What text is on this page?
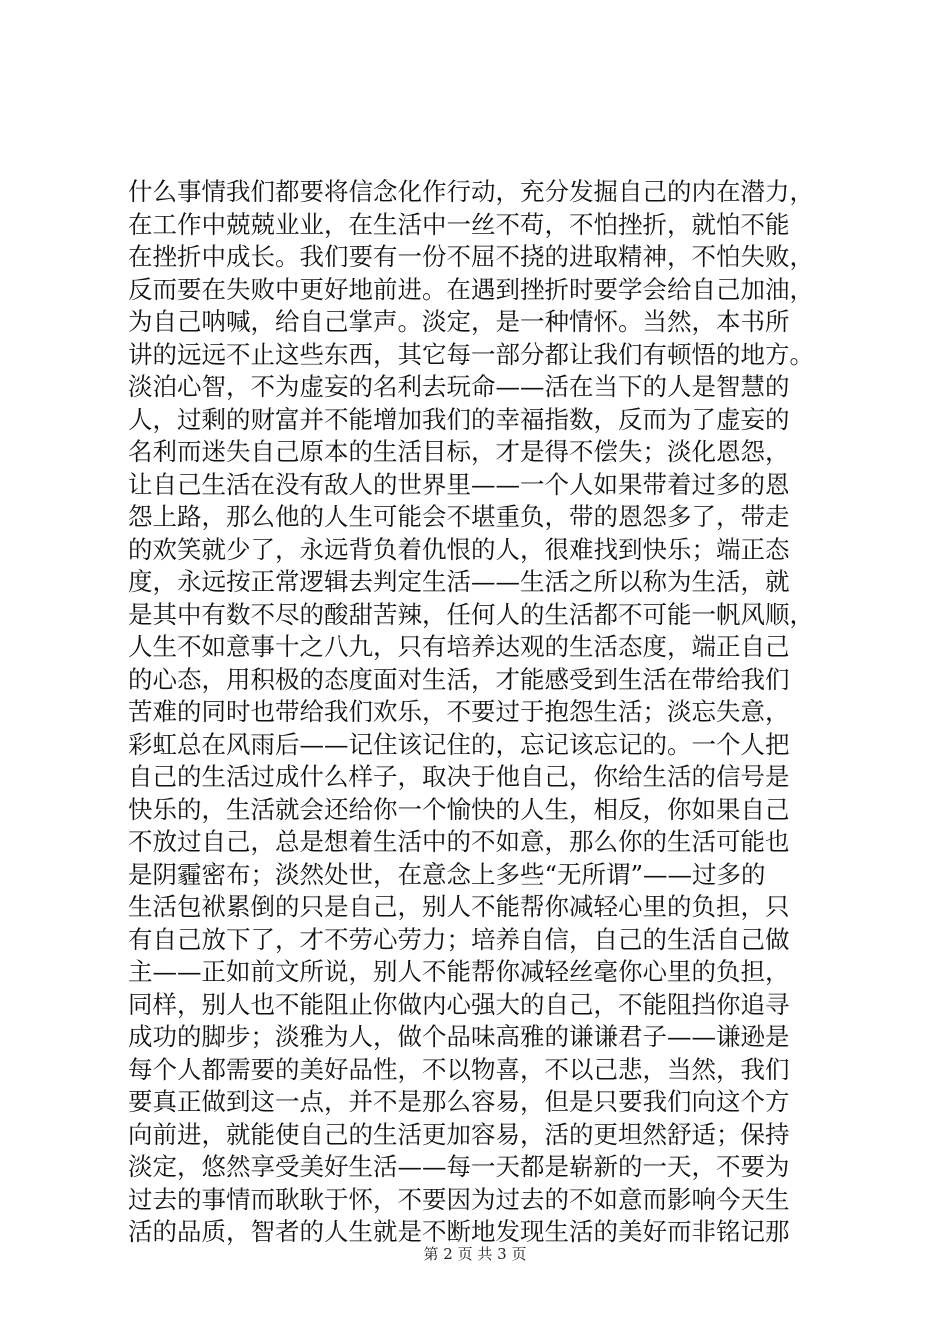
什么事情我们都要将信念化作行动，充分发掘自己的内在潜力，
在工作中兢兢业业，在生活中一丝不苟，不怕挫折，就怕不能
在挫折中成长。我们要有一份不屈不挠的进取精神，不怕失败，
反而要在失败中更好地前进。在遇到挫折时要学会给自己加油，
为自己呐喊，给自己掌声。淡定，是一种情怀。当然，本书所
讲的远远不止这些东西，其它每一部分都让我们有顿悟的地方。
淡泊心智，不为虚妄的名利去玩命——活在当下的人是智慧的
人，过剩的财富并不能增加我们的幸福指数，反而为了虚妄的
名利而迷失自己原本的生活目标，才是得不偿失；淡化恩怨，
让自己生活在没有敌人的世界里——一个人如果带着过多的恩
怨上路，那么他的人生可能会不堪重负，带的恩怨多了，带走
的欢笑就少了，永远背负着仇恨的人，很难找到快乐；端正态
度，永远按正常逻辑去判定生活——生活之所以称为生活，就
是其中有数不尽的酸甜苦辣，任何人的生活都不可能一帆风顺，
人生不如意事十之八九，只有培养达观的生活态度，端正自己
的心态，用积极的态度面对生活，才能感受到生活在带给我们
苦难的同时也带给我们欢乐，不要过于抱怨生活；淡忘失意，
彩虹总在风雨后——记住该记住的，忘记该忘记的。一个人把
自己的生活过成什么样子，取决于他自己，你给生活的信号是
快乐的，生活就会还给你一个愉快的人生，相反，你如果自己
不放过自己，总是想着生活中的不如意，那么你的生活可能也
是阴霾密布；淡然处世，在意念上多些“无所谓”——过多的
生活包袱累倒的只是自己，别人不能帮你减轻心里的负担，只
有自己放下了，才不劳心劳力；培养自信，自己的生活自己做
主——正如前文所说，别人不能帮你减轻丝毫你心里的负担，
同样，别人也不能阻止你做内心强大的自己，不能阻挡你追寻
成功的脚步；淡雅为人，做个品味高雅的谦谦君子——谦逊是
每个人都需要的美好品性，不以物喜，不以己悲，当然，我们
要真正做到这一点，并不是那么容易，但是只要我们向这个方
向前进，就能使自己的生活更加容易，活的更坦然舒适；保持
淡定，悠然享受美好生活——每一天都是崭新的一天，不要为
过去的事情而耿耿于怀，不要因为过去的不如意而影响今天生
活的品质，智者的人生就是不断地发现生活的美好而非铭记那
第 2 页 共 3 页
